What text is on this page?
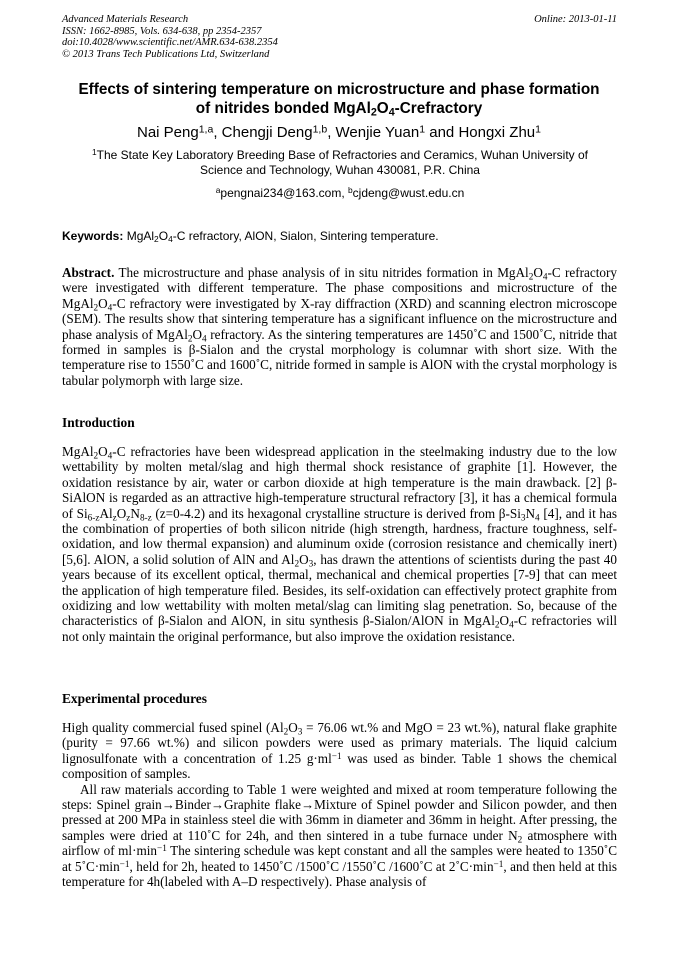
Advanced Materials Research
ISSN: 1662-8985, Vols. 634-638, pp 2354-2357
doi:10.4028/www.scientific.net/AMR.634-638.2354
© 2013 Trans Tech Publications Ltd, Switzerland
Online: 2013-01-11
Effects of sintering temperature on microstructure and phase formation
of nitrides bonded $MgAl_2O_4$-Crefractory
Nai Peng$^{1,a}$, Chengji Deng$^{1,b}$, Wenjie Yuan$^1$ and Hongxi Zhu$^1$
$^1$The State Key Laboratory Breeding Base of Refractories and Ceramics, Wuhan University of
Science and Technology, Wuhan 430081, P.R. China
$^a$pengnai234@163.com, $^b$cjdeng@wust.edu.cn
Keywords: $MgAl_2O_4-C$ refractory, AlON, Sialon, Sintering temperature.

Abstract. The microstructure and phase analysis of in situ nitrides formation in $MgAl_2O_4-C$ refractory were investigated with different temperature. The phase compositions and microstructure of the $MgAl_2O_4-C$ refractory were investigated by X-ray diffraction (XRD) and scanning electron microscope (SEM). The results show that sintering temperature has a significant influence on the microstructure and phase analysis of $MgAl_2O_4$ refractory. As the sintering temperatures are 1450˚C and 1500˚C, nitride that formed in samples is β-Sialon and the crystal morphology is columnar with short size. With the temperature rise to 1550˚C and 1600˚C, nitride formed in sample is AlON with the crystal morphology is tabular polymorph with large size.

Introduction

$MgAl_2O_4-C$ refractories have been widespread application in the steelmaking industry due to the low wettability by molten metal/slag and high thermal shock resistance of graphite [1]. However, the oxidation resistance by air, water or carbon dioxide at high temperature is the main drawback. [2] β-SiAlON is regarded as an attractive high-temperature structural refractory [3], it has a chemical formula of $Si_{6-z}Al_zO_zN_{8-z}$ (z=0-4.2) and its hexagonal crystalline structure is derived from $\beta-Si_3N_4$ [4], and it has the combination of properties of both silicon nitride (high strength, hardness, fracture toughness, self-oxidation, and low thermal expansion) and aluminum oxide (corrosion resistance and chemically inert) [5,6]. AlON, a solid solution of AlN and $Al_2O_3$, has drawn the attentions of scientists during the past 40 years because of its excellent optical, thermal, mechanical and chemical properties [7-9] that can meet the application of high temperature filed. Besides, its self-oxidation can effectively protect graphite from oxidizing and low wettability with molten metal/slag can limiting slag penetration. So, because of the characteristics of β-Sialon and AlON, in situ synthesis β-Sialon/AlON in $MgAl_2O_4-C$ refractories will not only maintain the original performance, but also improve the oxidation resistance.

Experimental procedures

High quality commercial fused spinel ($Al_2O_3 = 76.06$ wt.% and MgO = 23 wt.%), natural flake graphite (purity = 97.66 wt.%) and silicon powders were used as primary materials. The liquid calcium lignosulfonate with a concentration of 1.25 $g\cdot ml^{-1}$ was used as binder. Table 1 shows the chemical composition of samples.

All raw materials according to Table 1 were weighted and mixed at room temperature following the steps: Spinel grain→Binder→Graphite flake→Mixture of Spinel powder and Silicon powder, and then pressed at 200 MPa in stainless steel die with 36mm in diameter and 36mm in height. After pressing, the samples were dried at 110˚C for 24h, and then sintered in a tube furnace under $N_2$ atmosphere with airflow of $ml\cdot\min^{-1}$ The sintering schedule was kept constant and all the samples were heated to 1350˚C at $5˚C\cdot\min^{-1}$, held for 2h, heated to 1450˚C /1500˚C /1550˚C /1600˚C at $2˚C\cdot\min^{-1}$, and then held at this temperature for 4h(labeled with A–D respectively). Phase analysis of
